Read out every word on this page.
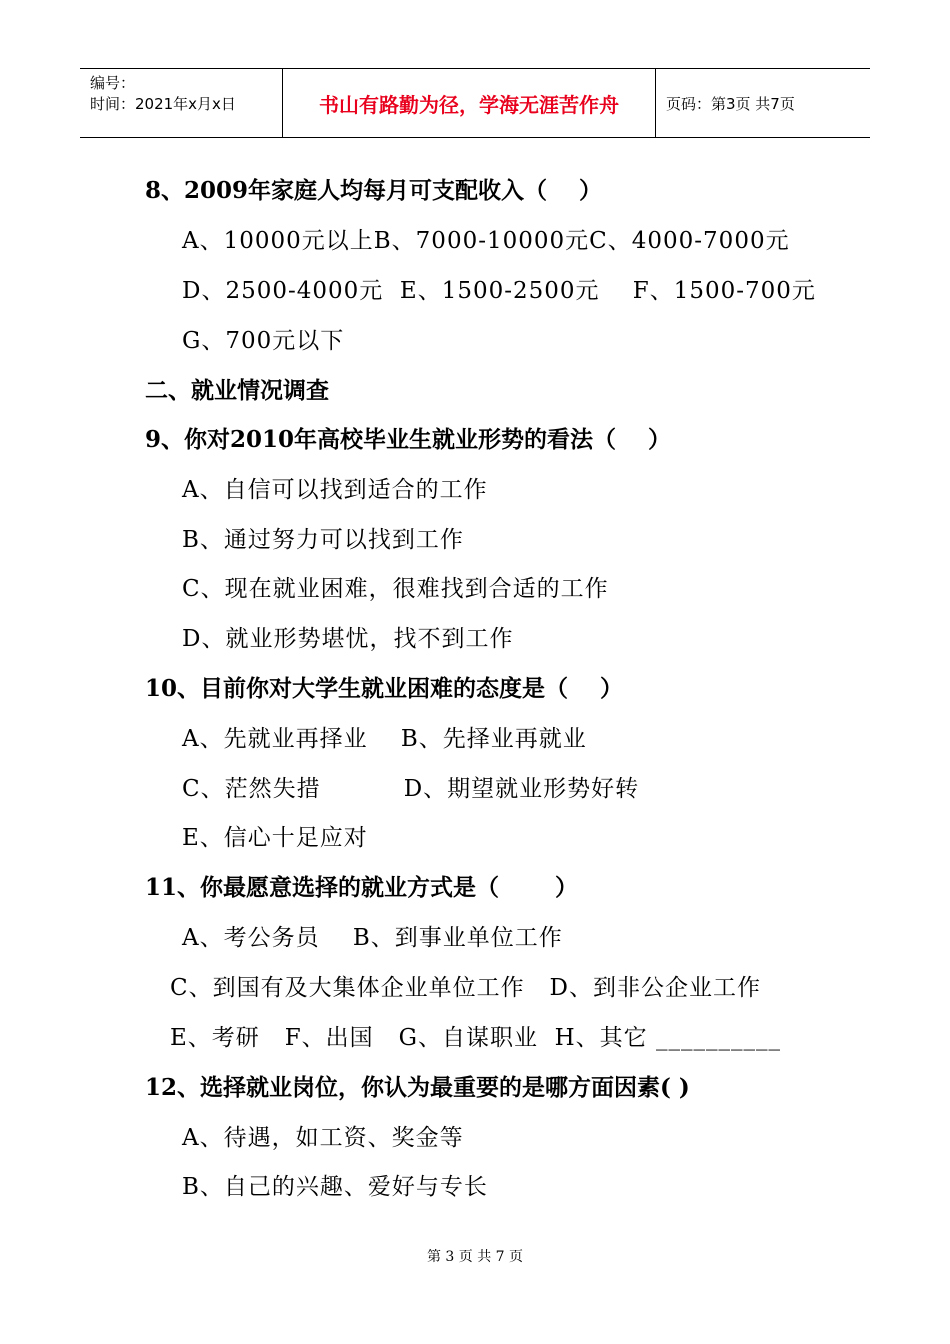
编号：
时间：2021年x月x日	书山有路勤为径，学海无涯苦作舟	页码：第3页 共7页
8、2009年家庭人均每月可支配收入（    ）
A、10000元以上B、7000-10000元C、4000-7000元
D、2500-4000元  E、1500-2500元    F、1500-700元
G、700元以下
二、就业情况调查
9、你对2010年高校毕业生就业形势的看法（    ）
A、自信可以找到适合的工作
B、通过努力可以找到工作
C、现在就业困难，很难找到合适的工作
D、就业形势堪忧，找不到工作
10、目前你对大学生就业困难的态度是（    ）
A、先就业再择业    B、先择业再就业
C、茫然失措          D、期望就业形势好转
E、信心十足应对
11、你最愿意选择的就业方式是（       ）
A、考公务员    B、到事业单位工作
C、到国有及大集体企业单位工作   D、到非公企业工作
E、考研   F、出国   G、自谋职业  H、其它 __________
12、选择就业岗位，你认为最重要的是哪方面因素( )
A、待遇，如工资、奖金等
B、自己的兴趣、爱好与专长
第 3 页 共 7 页
